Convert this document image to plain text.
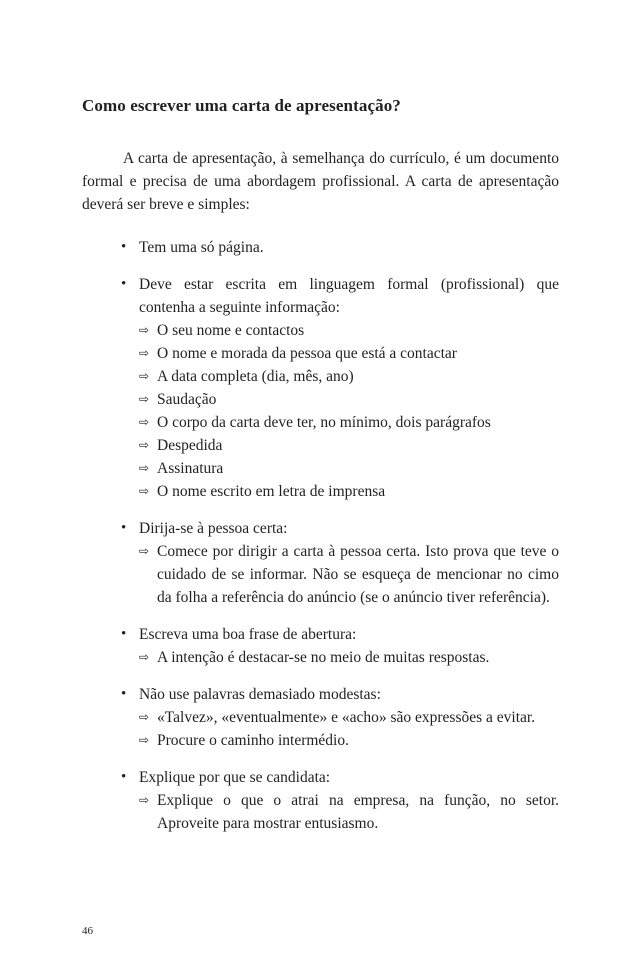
Como escrever uma carta de apresentação?

A carta de apresentação, à semelhança do currículo, é um documento formal e precisa de uma abordagem profissional. A carta de apresentação deverá ser breve e simples:

• Tem uma só página.
• Deve estar escrita em linguagem formal (profissional) que contenha a seguinte informação:
⇨ O seu nome e contactos
⇨ O nome e morada da pessoa que está a contactar
⇨ A data completa (dia, mês, ano)
⇨ Saudação
⇨ O corpo da carta deve ter, no mínimo, dois parágrafos
⇨ Despedida
⇨ Assinatura
⇨ O nome escrito em letra de imprensa
• Dirija-se à pessoa certa:
⇨ Comece por dirigir a carta à pessoa certa. Isto prova que teve o cuidado de se informar. Não se esqueça de mencionar no cimo da folha a referência do anúncio (se o anúncio tiver referência).
• Escreva uma boa frase de abertura:
⇨ A intenção é destacar-se no meio de muitas respostas.
• Não use palavras demasiado modestas:
⇨ «Talvez», «eventualmente» e «acho» são expressões a evitar.
⇨ Procure o caminho intermédio.
• Explique por que se candidata:
⇨ Explique o que o atrai na empresa, na função, no setor. Aproveite para mostrar entusiasmo.
46
